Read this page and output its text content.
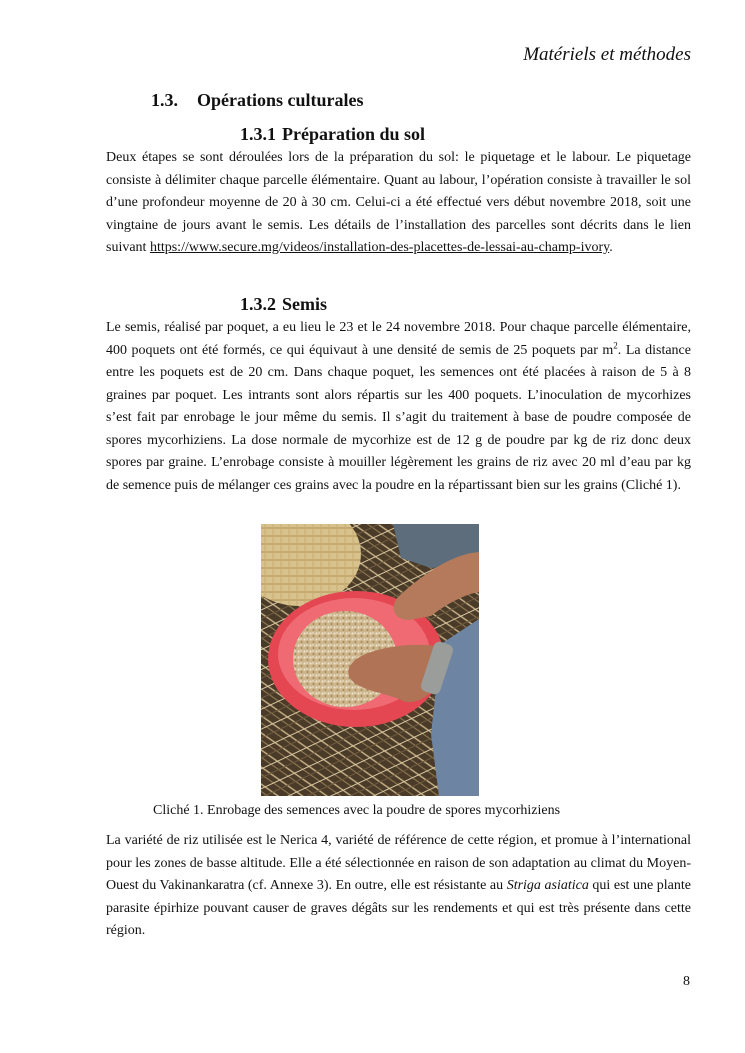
Matériels et méthodes
1.3. Opérations culturales
1.3.1 Préparation du sol

Deux étapes se sont déroulées lors de la préparation du sol: le piquetage et le labour. Le piquetage consiste à délimiter chaque parcelle élémentaire. Quant au labour, l’opération consiste à travailler le sol d’une profondeur moyenne de 20 à 30 cm. Celui-ci a été effectué vers début novembre 2018, soit une vingtaine de jours avant le semis. Les détails de l’installation des parcelles sont décrits dans le lien suivant https://www.secure.mg/videos/installation-des-placettes-de-lessai-au-champ-ivory.

1.3.2 Semis

Le semis, réalisé par poquet, a eu lieu le 23 et le 24 novembre 2018. Pour chaque parcelle élémentaire, 400 poquets ont été formés, ce qui équivaut à une densité de semis de 25 poquets par $m^2$. La distance entre les poquets est de 20 cm. Dans chaque poquet, les semences ont été placées à raison de 5 à 8 graines par poquet. Les intrants sont alors répartis sur les 400 poquets. L’inoculation de mycorhizes s’est fait par enrobage le jour même du semis. Il s’agit du traitement à base de poudre composée de spores mycorhiziens. La dose normale de mycorhize est de 12 g de poudre par kg de riz donc deux spores par graine. L’enrobage consiste à mouiller légèrement les grains de riz avec 20 ml d’eau par kg de semence puis de mélanger ces grains avec la poudre en la répartissant bien sur les grains (Cliché 1).

Cliché 1. Enrobage des semences avec la poudre de spores mycorhiziens

La variété de riz utilisée est le Nerica 4, variété de référence de cette région, et promue à l’international pour les zones de basse altitude. Elle a été sélectionnée en raison de son adaptation au climat du Moyen-Ouest du Vakinankaratra (cf. Annexe 3). En outre, elle est résistante au Striga asiatica qui est une plante parasite épirhize pouvant causer de graves dégâts sur les rendements et qui est très présente dans cette région.

8
